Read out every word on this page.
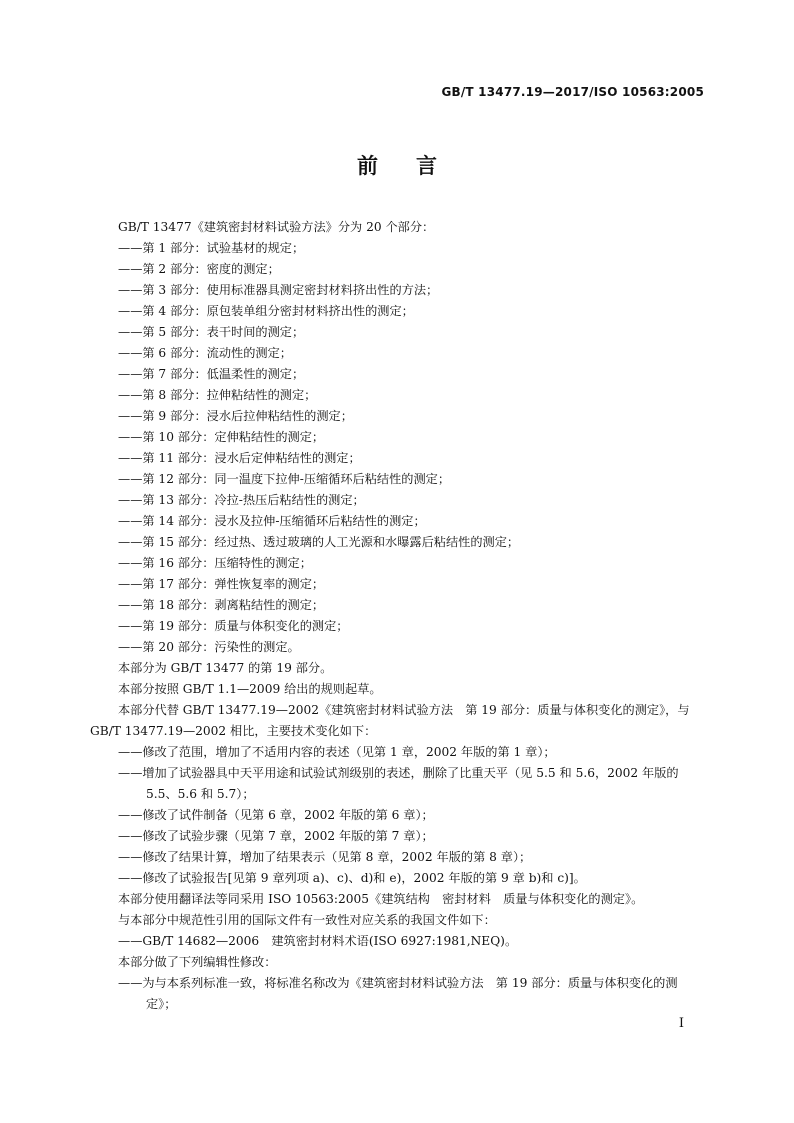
GB/T 13477.19—2017/ISO 10563:2005
前 言

GB/T 13477《建筑密封材料试验方法》分为 20 个部分：

——第 1 部分：试验基材的规定；

——第 2 部分：密度的测定；

——第 3 部分：使用标准器具测定密封材料挤出性的方法；

——第 4 部分：原包装单组分密封材料挤出性的测定；

——第 5 部分：表干时间的测定；

——第 6 部分：流动性的测定；

——第 7 部分：低温柔性的测定；

——第 8 部分：拉伸粘结性的测定；

——第 9 部分：浸水后拉伸粘结性的测定；

——第 10 部分：定伸粘结性的测定；

——第 11 部分：浸水后定伸粘结性的测定；

——第 12 部分：同一温度下拉伸-压缩循环后粘结性的测定；

——第 13 部分：冷拉-热压后粘结性的测定；

——第 14 部分：浸水及拉伸-压缩循环后粘结性的测定；

——第 15 部分：经过热、透过玻璃的人工光源和水曝露后粘结性的测定；

——第 16 部分：压缩特性的测定；

——第 17 部分：弹性恢复率的测定；

——第 18 部分：剥离粘结性的测定；

——第 19 部分：质量与体积变化的测定；

——第 20 部分：污染性的测定。

本部分为 GB/T 13477 的第 19 部分。

本部分按照 GB/T 1.1—2009 给出的规则起草。

本部分代替 GB/T 13477.19—2002《建筑密封材料试验方法　第 19 部分：质量与体积变化的测定》，与 GB/T 13477.19—2002 相比，主要技术变化如下：

——修改了范围，增加了不适用内容的表述（见第 1 章，2002 年版的第 1 章）；

——增加了试验器具中天平用途和试验试剂级别的表述，删除了比重天平（见 5.5 和 5.6，2002 年版的 5.5、5.6 和 5.7）；

——修改了试件制备（见第 6 章，2002 年版的第 6 章）；

——修改了试验步骤（见第 7 章，2002 年版的第 7 章）；

——修改了结果计算，增加了结果表示（见第 8 章，2002 年版的第 8 章）；

——修改了试验报告[见第 9 章列项 a)、c)、d)和 e)，2002 年版的第 9 章 b)和 c)]。

本部分使用翻译法等同采用 ISO 10563:2005《建筑结构　密封材料　质量与体积变化的测定》。

与本部分中规范性引用的国际文件有一致性对应关系的我国文件如下：

——GB/T 14682—2006　建筑密封材料术语(ISO 6927:1981,NEQ)。

本部分做了下列编辑性修改：

——为与本系列标准一致，将标准名称改为《建筑密封材料试验方法　第 19 部分：质量与体积变化的测定》；

I
